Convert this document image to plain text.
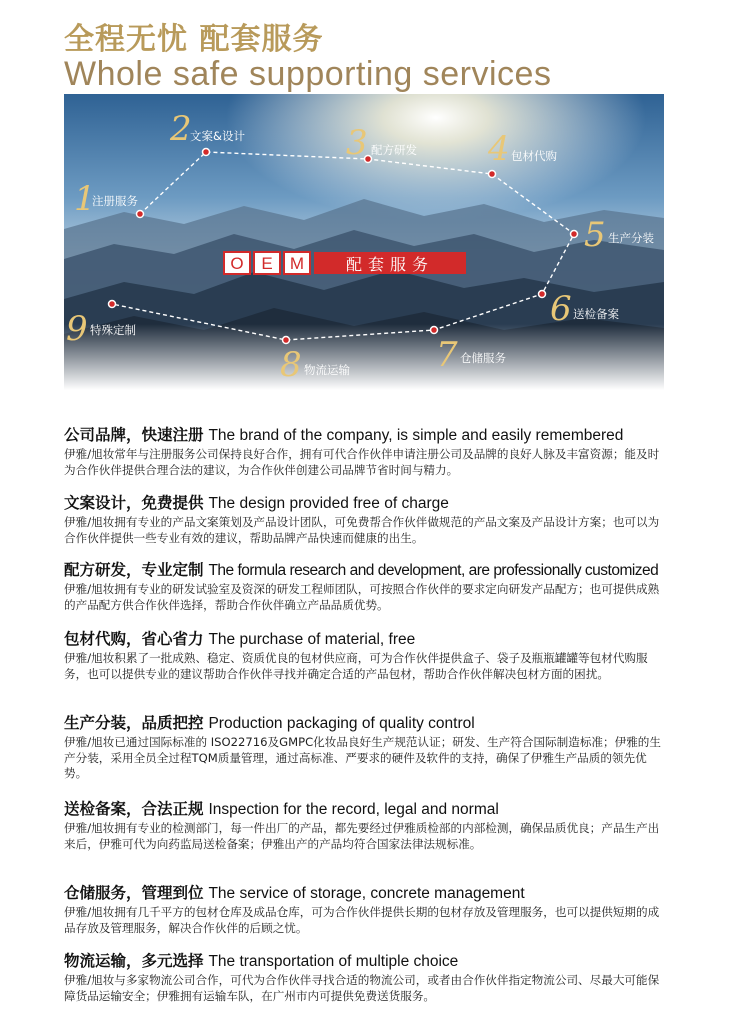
全程无忧 配套服务
Whole safe supporting services
1
2	3	4
5
6
7
8
9
注册服务
文案&设计
配方研发	包材代购
生产分装
送检备案
仓储服务
物流运输
特殊定制
O E M	配套服务
公司品牌，快速注册 The brand of the company, is simple and easily remembered
伊雅/旭妆常年与注册服务公司保持良好合作，拥有可代合作伙伴申请注册公司及品牌的良好人脉及丰富资源；能及时为合作伙伴提供合理合法的建议，为合作伙伴创建公司品牌节省时间与精力。
文案设计，免费提供 The design provided free of charge
伊雅/旭妆拥有专业的产品文案策划及产品设计团队，可免费帮合作伙伴做规范的产品文案及产品设计方案；也可以为合作伙伴提供一些专业有效的建议，帮助品牌产品快速而健康的出生。
配方研发，专业定制 The formula research and development, are professionally customized
伊雅/旭妆拥有专业的研发试验室及资深的研发工程师团队，可按照合作伙伴的要求定向研发产品配方；也可提供成熟的产品配方供合作伙伴选择，帮助合作伙伴确立产品品质优势。
包材代购，省心省力 The purchase of material, free
伊雅/旭妆积累了一批成熟、稳定、资质优良的包材供应商，可为合作伙伴提供盒子、袋子及瓶瓶罐罐等包材代购服务，也可以提供专业的建议帮助合作伙伴寻找并确定合适的产品包材，帮助合作伙伴解决包材方面的困扰。
生产分装，品质把控 Production packaging of quality control
伊雅/旭妆已通过国际标准的 ISO22716及GMPC化妆品良好生产规范认证；研发、生产符合国际制造标准；伊雅的生产分装，采用全员全过程TQM质量管理，通过高标准、严要求的硬件及软件的支持，确保了伊雅生产品质的领先优势。
送检备案，合法正规 Inspection for the record, legal and normal
伊雅/旭妆拥有专业的检测部门，每一件出厂的产品，都先要经过伊雅质检部的内部检测，确保品质优良；产品生产出来后，伊雅可代为向药监局送检备案；伊雅出产的产品均符合国家法律法规标准。
仓储服务，管理到位 The service of storage, concrete management
伊雅/旭妆拥有几千平方的包材仓库及成品仓库，可为合作伙伴提供长期的包材存放及管理服务，也可以提供短期的成品存放及管理服务，解决合作伙伴的后顾之忧。
物流运输，多元选择 The transportation of multiple choice
伊雅/旭妆与多家物流公司合作，可代为合作伙伴寻找合适的物流公司，或者由合作伙伴指定物流公司、尽最大可能保障货品运输安全；伊雅拥有运输车队，在广州市内可提供免费送货服务。
